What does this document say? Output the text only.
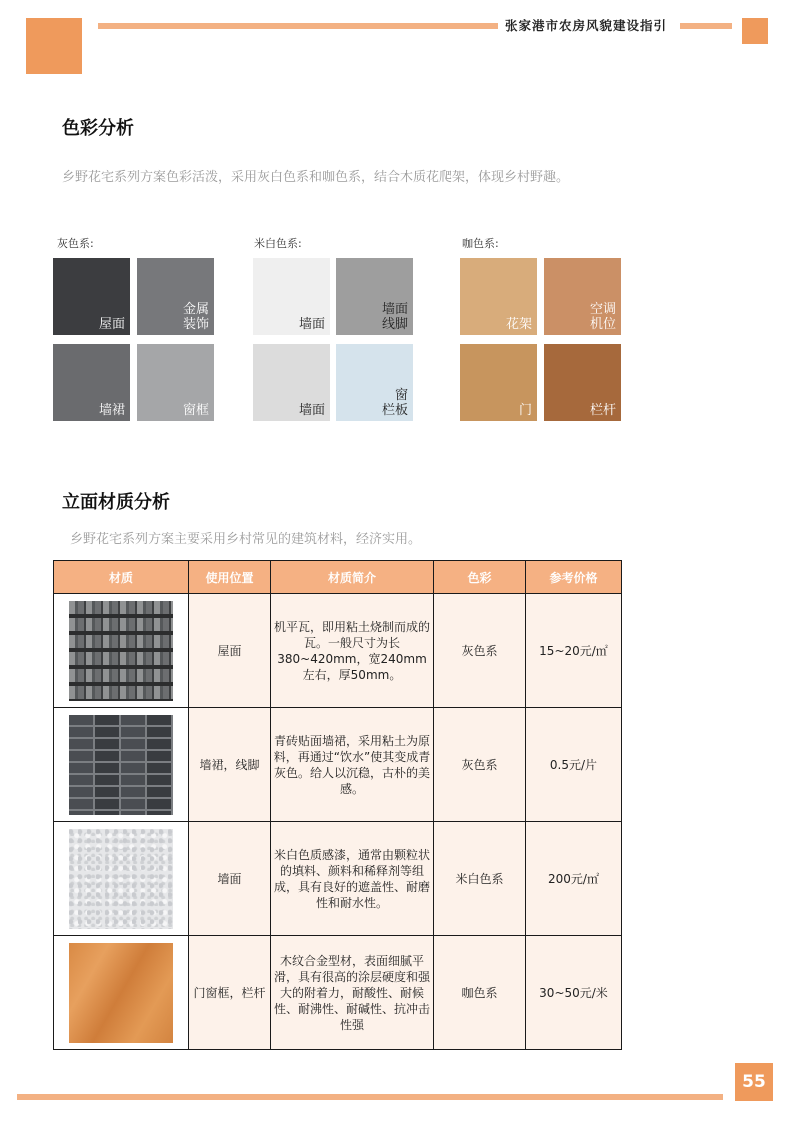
张家港市农房风貌建设指引
色彩分析
乡野花宅系列方案色彩活泼，采用灰白色系和咖色系，结合木质花爬架，体现乡村野趣。
灰色系:
屋面
金属
装饰
墙裙	窗框
米白色系:
墙面
墙面
线脚
墙面
窗
栏板
咖色系:
花架
空调
机位
门	栏杆
立面材质分析
乡野花宅系列方案主要采用乡村常见的建筑材料，经济实用。
材质	使用位置	材质简介	色彩	参考价格

	屋面	机平瓦，即用粘土烧制而成的瓦。一般尺寸为长380~420mm，宽240mm左右，厚50mm。	灰色系	15~20元/㎡

	墙裙，线脚	青砖贴面墙裙，采用粘土为原料，再通过“饮水”使其变成青灰色。给人以沉稳，古朴的美感。	灰色系	0.5元/片

	墙面	米白色质感漆，通常由颗粒状的填料、颜料和稀释剂等组成，具有良好的遮盖性、耐磨性和耐水性。	米白色系	200元/㎡

	门窗框，栏杆	木纹合金型材，表面细腻平滑，具有很高的涂层硬度和强大的附着力，耐酸性、耐候性、耐沸性、耐碱性、抗冲击性强	咖色系	30~50元/米
55
